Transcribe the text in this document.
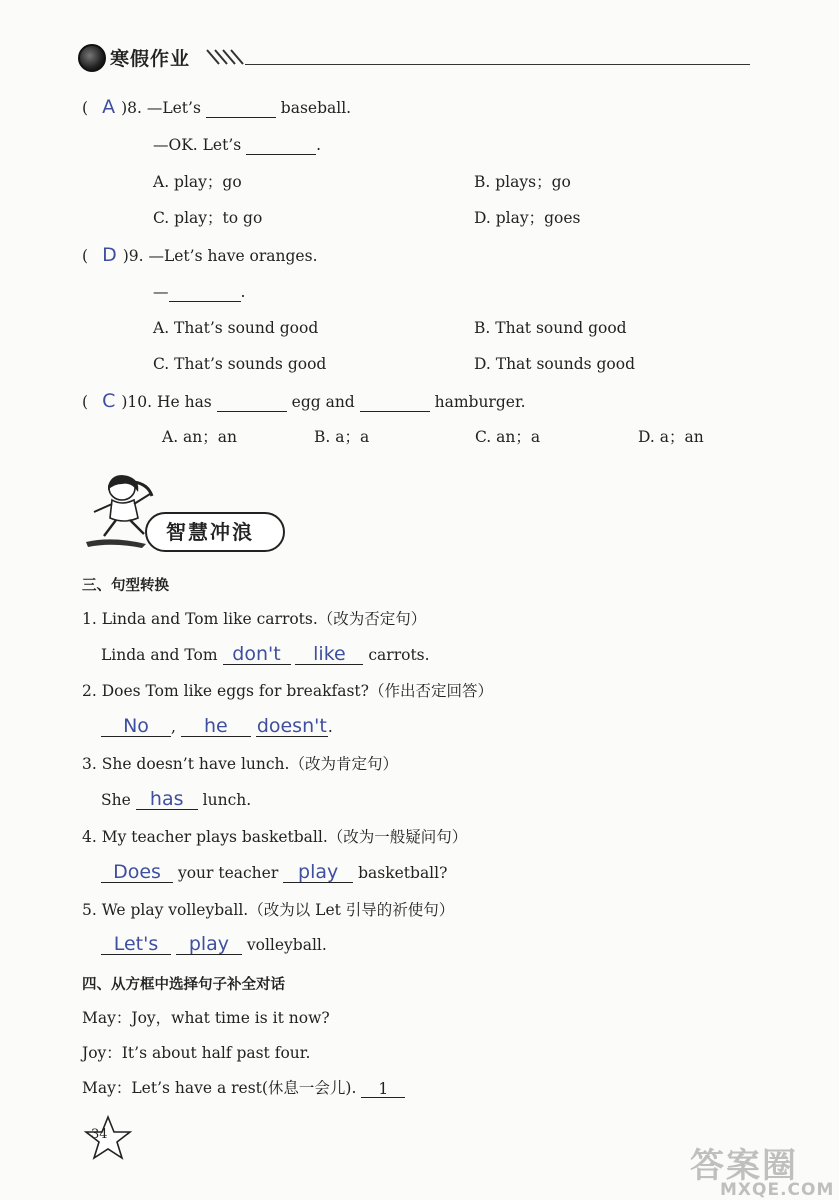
寒假作业
( A )8. —Let’s	baseball.
—OK. Let’s	.
A. play；go	B. plays；go
C. play；to go	D. play；goes
( D )9. —Let’s have oranges.
—	.
A. That’s sound good	B. That sound good
C. That’s sounds good	D. That sounds good
( C )10. He has	egg and	hamburger.
A. an；an	B. a；a	C. an；a	D. a；an
智慧冲浪
三、句型转换
1. Linda and Tom like carrots.（改为否定句）
Linda and Tom don't like carrots.
2. Does Tom like eggs for breakfast?（作出否定回答）
No , he doesn't.
3. She doesn’t have lunch.（改为肯定句）
She has lunch.
4. My teacher plays basketball.（改为一般疑问句）
Does your teacher play basketball?
5. We play volleyball.（改为以 Let 引导的祈使句）
Let's play volleyball.
四、从方框中选择句子补全对话
May：Joy，what time is it now?
Joy：It’s about half past four.
May：Let’s have a rest(休息一会儿). 1
34
答案圈
MXQE.COM
